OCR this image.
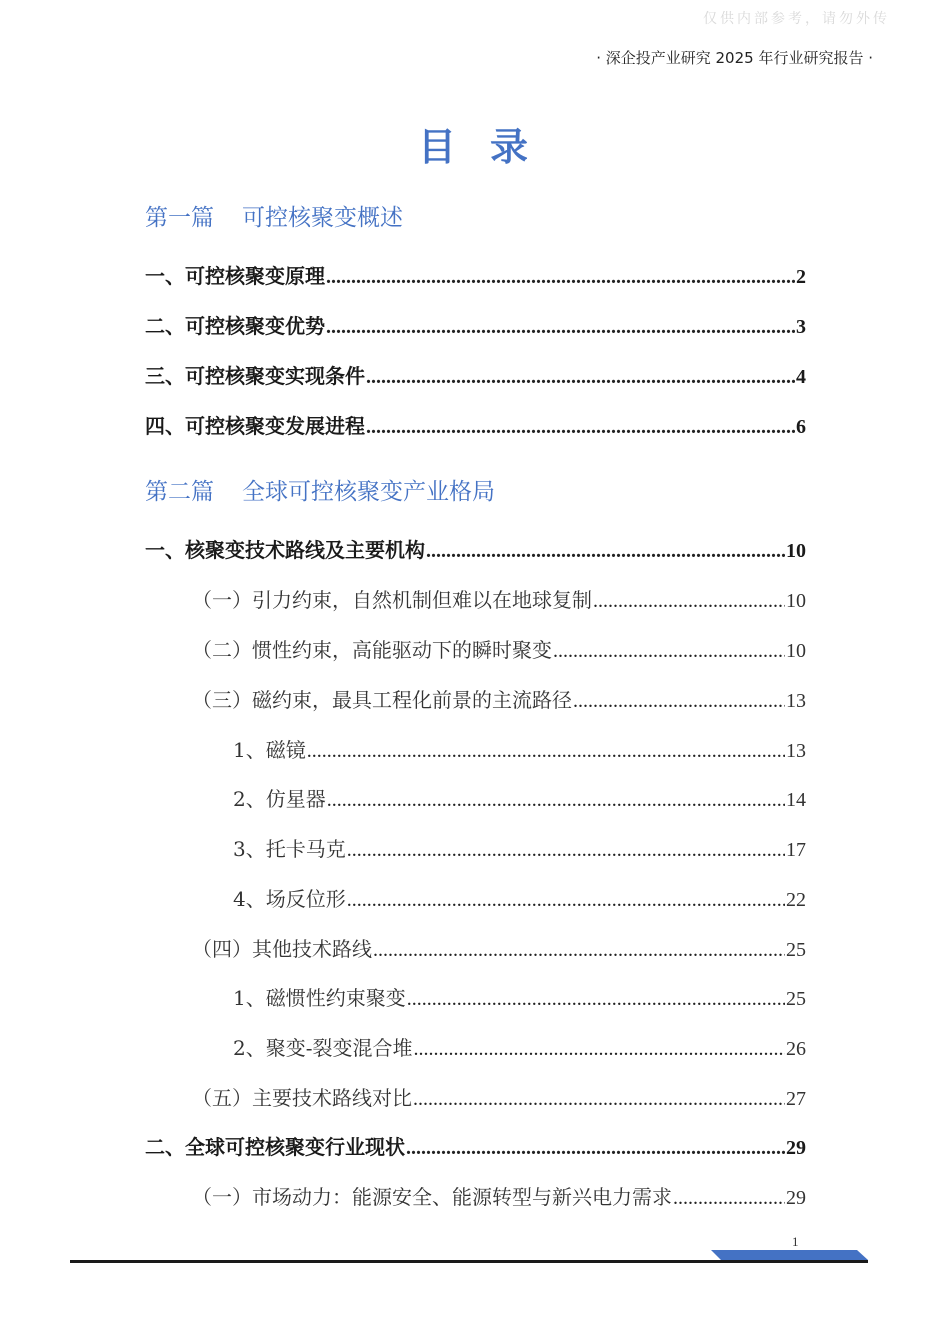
仅供内部参考，请勿外传
· 深企投产业研究 2025 年行业研究报告 ·
目录
第一篇 可控核聚变概述
一、可控核聚变原理 .....	2
二、可控核聚变优势 .....	3
三、可控核聚变实现条件 .....	4
四、可控核聚变发展进程 .....	6
第二篇 全球可控核聚变产业格局
一、核聚变技术路线及主要机构 .....	10
（一）引力约束，自然机制但难以在地球复制 .....	10
（二）惯性约束，高能驱动下的瞬时聚变 .....	10
（三）磁约束，最具工程化前景的主流路径 .....	13
1、磁镜 .....	13
2、仿星器 .....	14
3、托卡马克 .....	17
4、场反位形 .....	22
（四）其他技术路线 .....	25
1、磁惯性约束聚变 .....	25
2、聚变-裂变混合堆 .....	26
（五）主要技术路线对比 .....	27
二、全球可控核聚变行业现状 .....	29
（一）市场动力：能源安全、能源转型与新兴电力需求 .....	29
1
